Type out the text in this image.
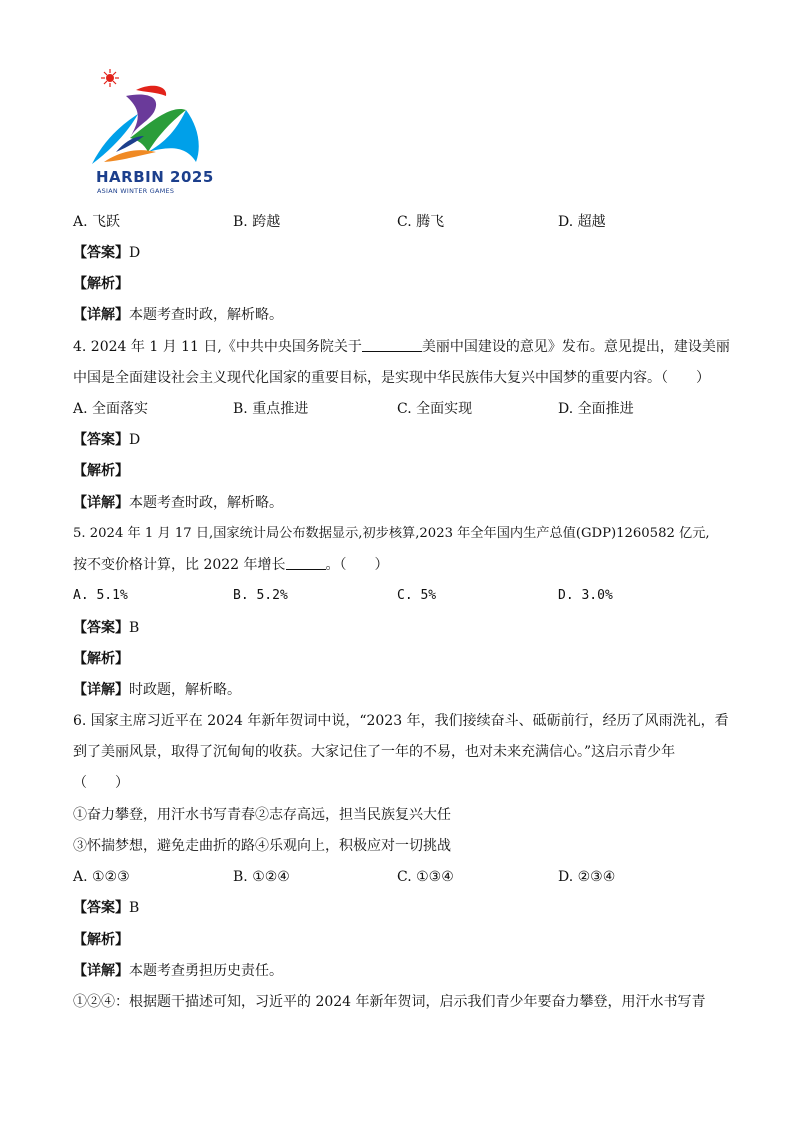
HARBIN 2025
ASIAN WINTER GAMES
A. 飞跃	B. 跨越	C. 腾飞	D. 超越
【答案】D
【解析】
【详解】本题考查时政，解析略。
4. 2024 年 1 月 11 日,《中共中央国务院关于	美丽中国建设的意见》发布。意见提出，建设美丽
中国是全面建设社会主义现代化国家的重要目标，是实现中华民族伟大复兴中国梦的重要内容。（　　）
A. 全面落实	B. 重点推进	C. 全面实现	D. 全面推进
【答案】D
【解析】
【详解】本题考查时政，解析略。
5. 2024 年 1 月 17 日,国家统计局公布数据显示,初步核算,2023 年全年国内生产总值(GDP)1260582 亿元,
按不变价格计算，比 2022 年增长	。（　　）
A. 5.1%	B. 5.2%	C. 5%	D. 3.0%
【答案】B
【解析】
【详解】时政题，解析略。
6. 国家主席习近平在 2024 年新年贺词中说，“2023 年，我们接续奋斗、砥砺前行，经历了风雨洗礼，看
到了美丽风景，取得了沉甸甸的收获。大家记住了一年的不易，也对未来充满信心。”这启示青少年
（　　）
①奋力攀登，用汗水书写青春②志存高远，担当民族复兴大任
③怀揣梦想，避免走曲折的路④乐观向上，积极应对一切挑战
A. ①②③	B. ①②④	C. ①③④	D. ②③④
【答案】B
【解析】
【详解】本题考查勇担历史责任。
①②④：根据题干描述可知，习近平的 2024 年新年贺词，启示我们青少年要奋力攀登，用汗水书写青
